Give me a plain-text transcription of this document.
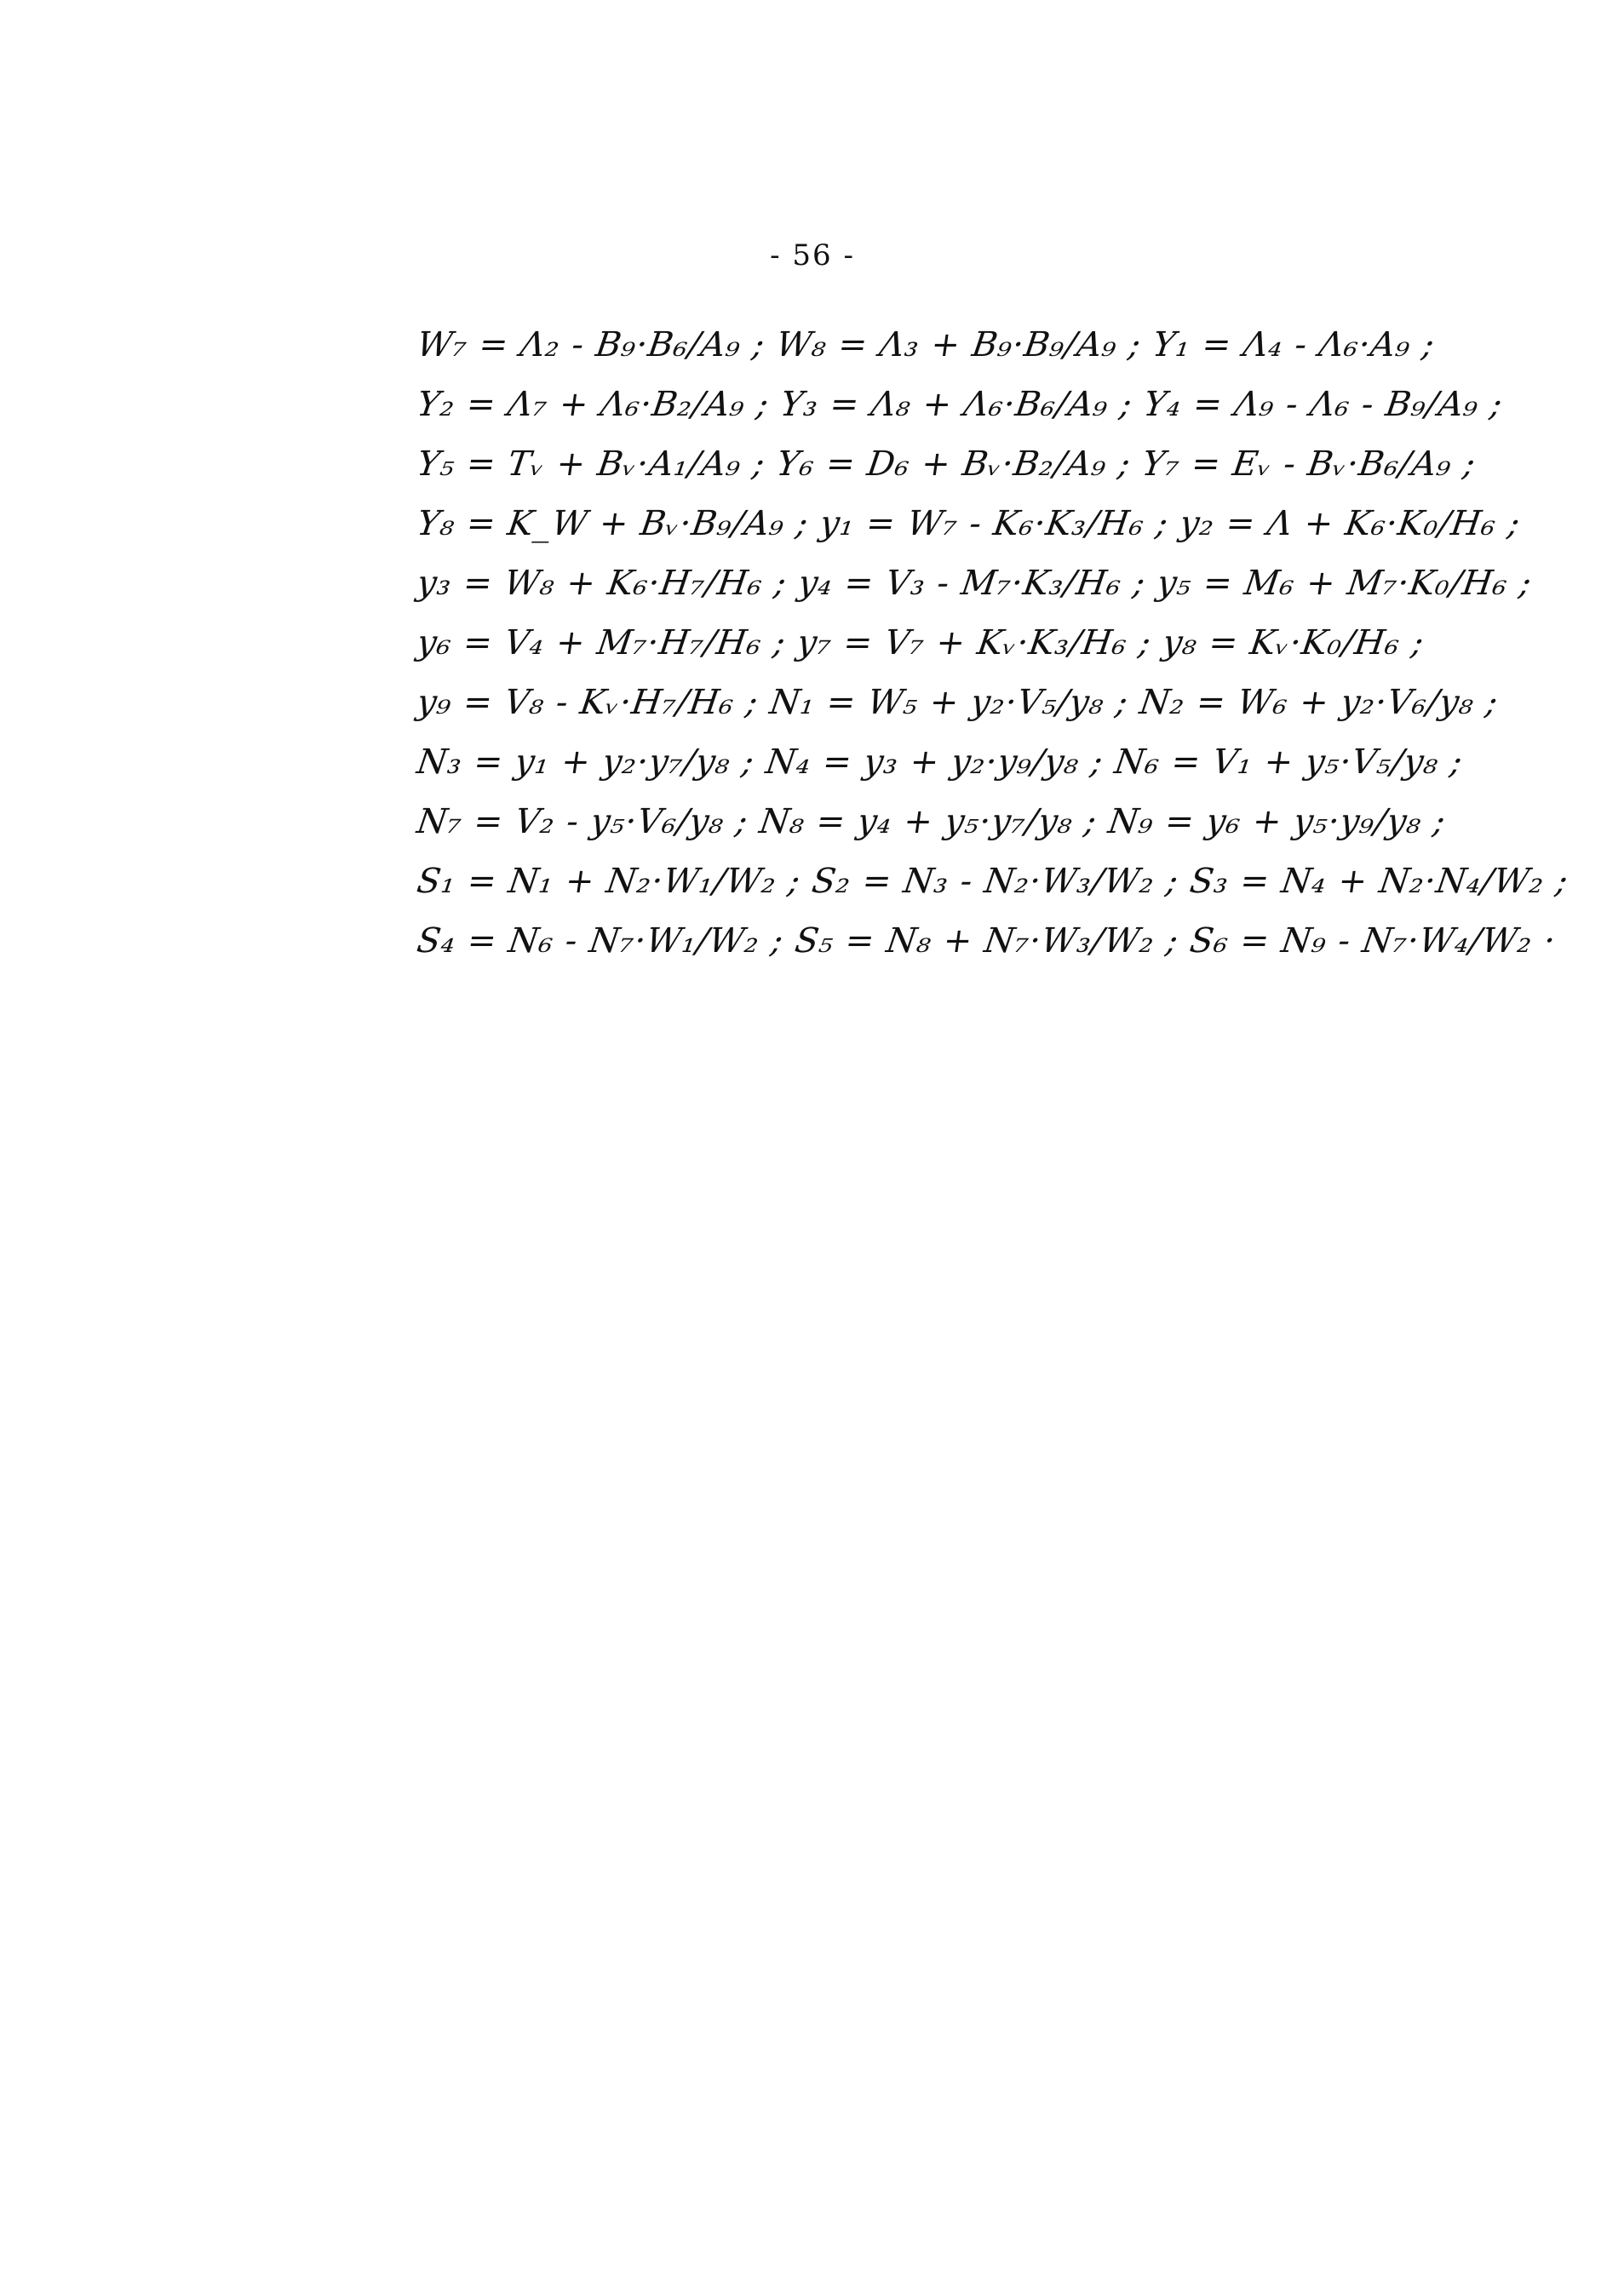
- 56 -
W₇ = Λ₂ - B₉·B₆/A₉ ; W₈ = Λ₃ + B₉·B₉/A₉ ; Y₁ = Λ₄ - Λ₆·A₉ ;
Y₂ = Λ₇ + Λ₆·B₂/A₉ ; Y₃ = Λ₈ + Λ₆·B₆/A₉ ; Y₄ = Λ₉ - Λ₆ - B₉/A₉ ;
Y₅ = Tᵥ + Bᵥ·A₁/A₉ ; Y₆ = D₆ + Bᵥ·B₂/A₉ ; Y₇ = Eᵥ - Bᵥ·B₆/A₉ ;
Y₈ = K_W + Bᵥ·B₉/A₉ ; y₁ = W₇ - K₆·K₃/H₆ ; y₂ = Λ + K₆·K₀/H₆ ;
y₃ = W₈ + K₆·H₇/H₆ ; y₄ = V₃ - M₇·K₃/H₆ ; y₅ = M₆ + M₇·K₀/H₆ ;
y₆ = V₄ + M₇·H₇/H₆ ; y₇ = V₇ + Kᵥ·K₃/H₆ ; y₈ = Kᵥ·K₀/H₆ ;
y₉ = V₈ - Kᵥ·H₇/H₆ ; N₁ = W₅ + y₂·V₅/y₈ ; N₂ = W₆ + y₂·V₆/y₈ ;
N₃ = y₁ + y₂·y₇/y₈ ; N₄ = y₃ + y₂·y₉/y₈ ; N₆ = V₁ + y₅·V₅/y₈ ;
N₇ = V₂ - y₅·V₆/y₈ ; N₈ = y₄ + y₅·y₇/y₈ ; N₉ = y₆ + y₅·y₉/y₈ ;
S₁ = N₁ + N₂·W₁/W₂ ; S₂ = N₃ - N₂·W₃/W₂ ; S₃ = N₄ + N₂·N₄/W₂ ;
S₄ = N₆ - N₇·W₁/W₂ ; S₅ = N₈ + N₇·W₃/W₂ ; S₆ = N₉ - N₇·W₄/W₂ ·
